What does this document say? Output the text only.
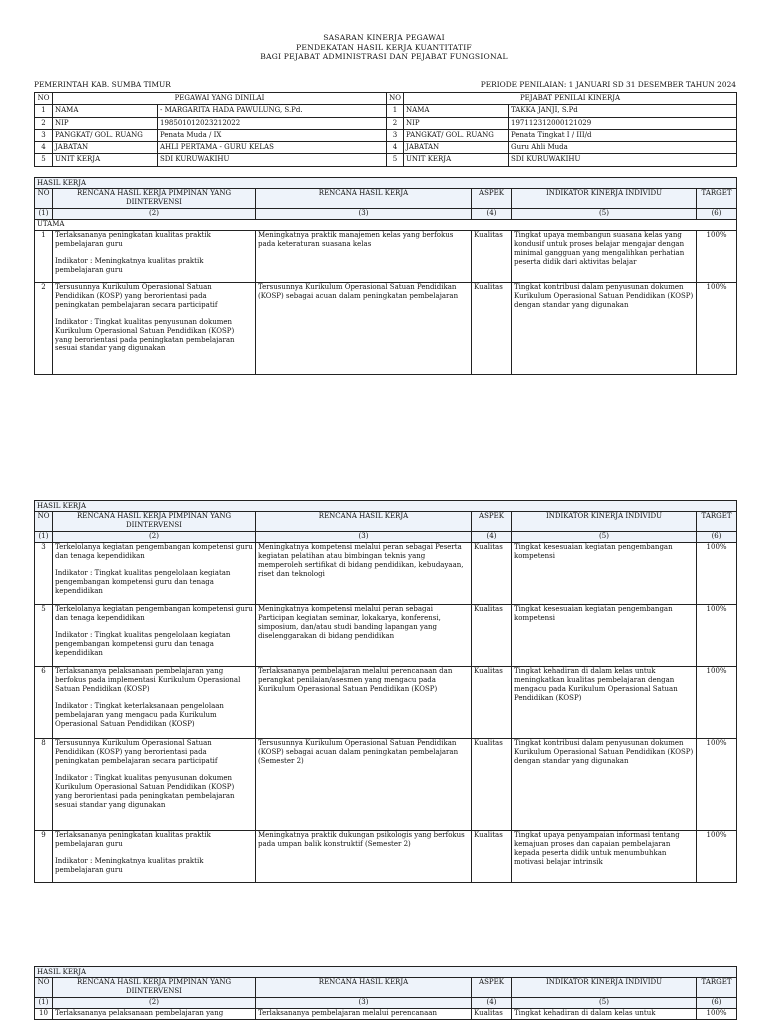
SASARAN KINERJA PEGAWAI
PENDEKATAN HASIL KERJA KUANTITATIF
BAGI PEJABAT ADMINISTRASI DAN PEJABAT FUNGSIONAL
PEMERINTAH KAB. SUMBA TIMUR	PERIODE PENILAIAN: 1 JANUARI SD 31 DESEMBER TAHUN 2024
NO	PEGAWAI YANG DINILAI		NO	PEJABAT PENILAI KINERJA	
1	NAMA	- MARGARITA HADA PAWULUNG, S.Pd.	1	NAMA	TAKKA JANJI, S.Pd
2	NIP	198501012023212022	2	NIP	197112312000121029
3	PANGKAT/ GOL. RUANG	Penata Muda / IX	3	PANGKAT/ GOL. RUANG	Penata Tingkat I / III/d
4	JABATAN	AHLI PERTAMA - GURU KELAS	4	JABATAN	Guru Ahli Muda
5	UNIT KERJA	SDI KURUWAKIHU	5	UNIT KERJA	SDI KURUWAKIHU
HASIL KERJA					
NO	RENCANA HASIL KERJA PIMPINAN YANG DIINTERVENSI	RENCANA HASIL KERJA	ASPEK	INDIKATOR KINERJA INDIVIDU	TARGET
(1)	(2)	(3)	(4)	(5)	(6)
UTAMA					
1	Terlaksananya peningkatan kualitas praktik pembelajaran guru
Indikator : Meningkatnya kualitas praktik pembelajaran guru	Meningkatnya praktik manajemen kelas yang berfokus pada keteraturan suasana kelas	Kualitas	Tingkat upaya membangun suasana kelas yang kondusif untuk proses belajar mengajar dengan minimal gangguan yang mengalihkan perhatian peserta didik dari aktivitas belajar	100%
2	Tersusunnya Kurikulum Operasional Satuan Pendidikan (KOSP) yang berorientasi pada peningkatan pembelajaran secara participatif
Indikator : Tingkat kualitas penyusunan dokumen Kurikulum Operasional Satuan Pendidikan (KOSP) yang berorientasi pada peningkatan pembelajaran sesuai standar yang digunakan	Tersusunnya Kurikulum Operasional Satuan Pendidikan (KOSP) sebagai acuan dalam peningkatan pembelajaran	Kualitas	Tingkat kontribusi dalam penyusunan dokumen Kurikulum Operasional Satuan Pendidikan (KOSP) dengan standar yang digunakan	100%
HASIL KERJA					
NO	RENCANA HASIL KERJA PIMPINAN YANG DIINTERVENSI	RENCANA HASIL KERJA	ASPEK	INDIKATOR KINERJA INDIVIDU	TARGET
(1)	(2)	(3)	(4)	(5)	(6)
3	Terkelolanya kegiatan pengembangan kompetensi guru dan tenaga kependidikan
Indikator : Tingkat kualitas pengelolaan kegiatan pengembangan kompetensi guru dan tenaga kependidikan	Meningkatnya kompetensi melalui peran sebagai Peserta kegiatan pelatihan atau bimbingan teknis yang memperoleh sertifikat di bidang pendidikan, kebudayaan, riset dan teknologi	Kualitas	Tingkat kesesuaian kegiatan pengembangan kompetensi	100%
5	Terkelolanya kegiatan pengembangan kompetensi guru dan tenaga kependidikan
Indikator : Tingkat kualitas pengelolaan kegiatan pengembangan kompetensi guru dan tenaga kependidikan	Meningkatnya kompetensi melalui peran sebagai Participan kegiatan seminar, lokakarya, konferensi, simposium, dan/atau studi banding lapangan yang diselenggarakan di bidang pendidikan	Kualitas	Tingkat kesesuaian kegiatan pengembangan kompetensi	100%
6	Terlaksananya pelaksanaan pembelajaran yang berfokus pada implementasi Kurikulum Operasional Satuan Pendidikan (KOSP)
Indikator : Tingkat keterlaksanaan pengelolaan pembelajaran yang mengacu pada Kurikulum Operasional Satuan Pendidikan (KOSP)	Terlaksananya pembelajaran melalui perencanaan dan perangkat penilaian/asesmen yang mengacu pada Kurikulum Operasional Satuan Pendidikan (KOSP)	Kualitas	Tingkat kehadiran di dalam kelas untuk meningkatkan kualitas pembelajaran dengan mengacu pada Kurikulum Operasional Satuan Pendidikan (KOSP)	100%
8	Tersusunnya Kurikulum Operasional Satuan Pendidikan (KOSP) yang berorientasi pada peningkatan pembelajaran secara participatif
Indikator : Tingkat kualitas penyusunan dokumen Kurikulum Operasional Satuan Pendidikan (KOSP) yang berorientasi pada peningkatan pembelajaran sesuai standar yang digunakan	Tersusunnya Kurikulum Operasional Satuan Pendidikan (KOSP) sebagai acuan dalam peningkatan pembelajaran (Semester 2)	Kualitas	Tingkat kontribusi dalam penyusunan dokumen Kurikulum Operasional Satuan Pendidikan (KOSP) dengan standar yang digunakan	100%
9	Terlaksananya peningkatan kualitas praktik pembelajaran guru
Indikator : Meningkatnya kualitas praktik pembelajaran guru	Meningkatnya praktik dukungan psikologis yang berfokus pada umpan balik konstruktif (Semester 2)	Kualitas	Tingkat upaya penyampaian informasi tentang kemajuan proses dan capaian pembelajaran kepada peserta didik untuk menumbuhkan motivasi belajar intrinsik	100%
HASIL KERJA					
NO	RENCANA HASIL KERJA PIMPINAN YANG DIINTERVENSI	RENCANA HASIL KERJA	ASPEK	INDIKATOR KINERJA INDIVIDU	TARGET
(1)	(2)	(3)	(4)	(5)	(6)
10	Terlaksananya pelaksanaan pembelajaran yang	Terlaksananya pembelajaran melalui perencanaan	Kualitas	Tingkat kehadiran di dalam kelas untuk	100%
